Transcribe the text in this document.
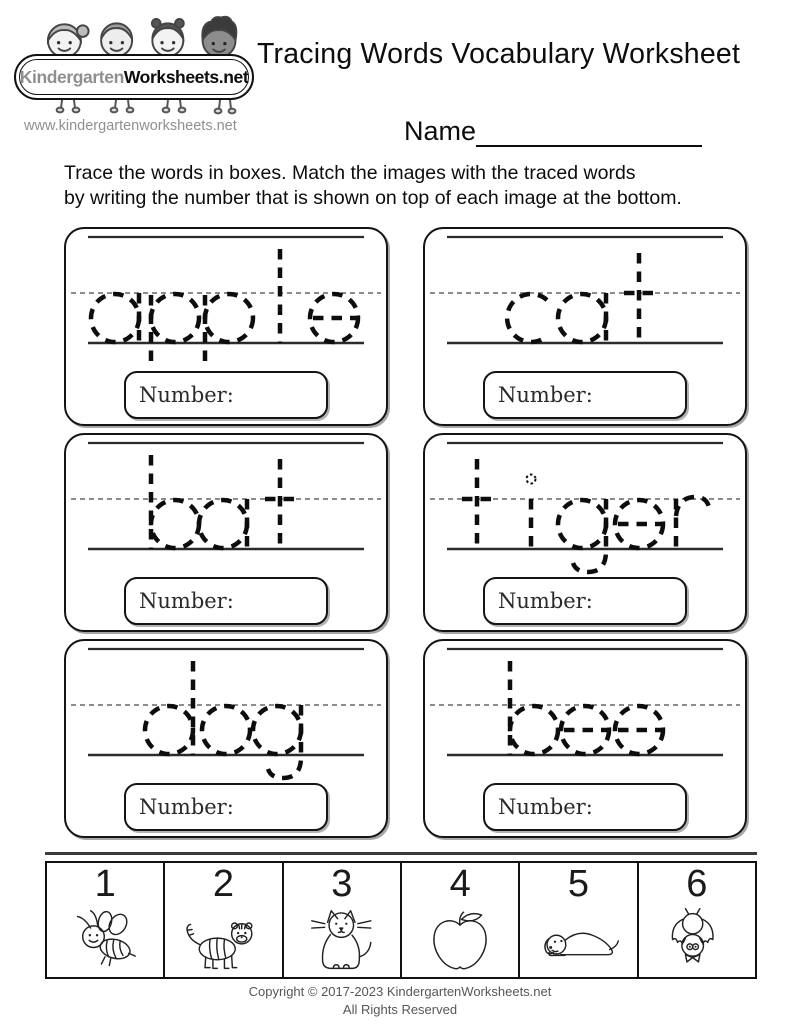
Kindergarten Worksheets.net
www.kindergartenworksheets.net
Tracing Words Vocabulary Worksheet
Name
Trace the words in boxes. Match the images with the traced words
by writing the number that is shown on top of each image at the bottom.
Number:	Number:
Number:	Number:
Number:	Number:
1	2	3	4	5	6
Copyright © 2017-2023 KindergartenWorksheets.net
All Rights Reserved
